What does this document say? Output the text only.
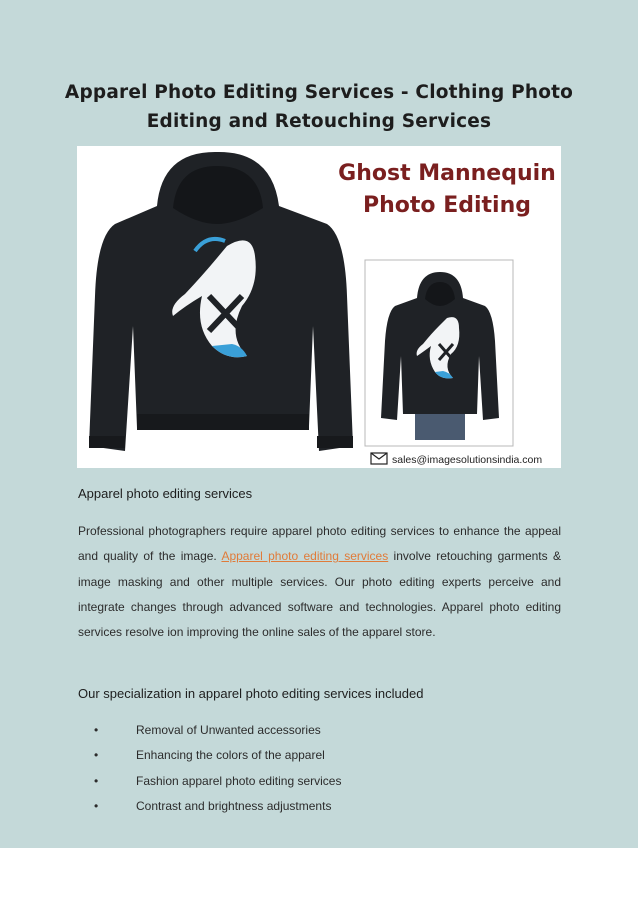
Apparel Photo Editing Services - Clothing Photo
Editing and Retouching Services
Ghost Mannequin
Photo Editing
sales@imagesolutionsindia.com
Apparel photo editing services

Professional photographers require apparel photo editing services to enhance the appeal and quality of the image. Apparel photo editing services involve retouching garments & image masking and other multiple services. Our photo editing experts perceive and integrate changes through advanced software and technologies. Apparel photo editing services resolve ion improving the online sales of the apparel store.

Our specialization in apparel photo editing services included
•	Removal of Unwanted accessories
•	Enhancing the colors of the apparel
•	Fashion apparel photo editing services
•	Contrast and brightness adjustments
